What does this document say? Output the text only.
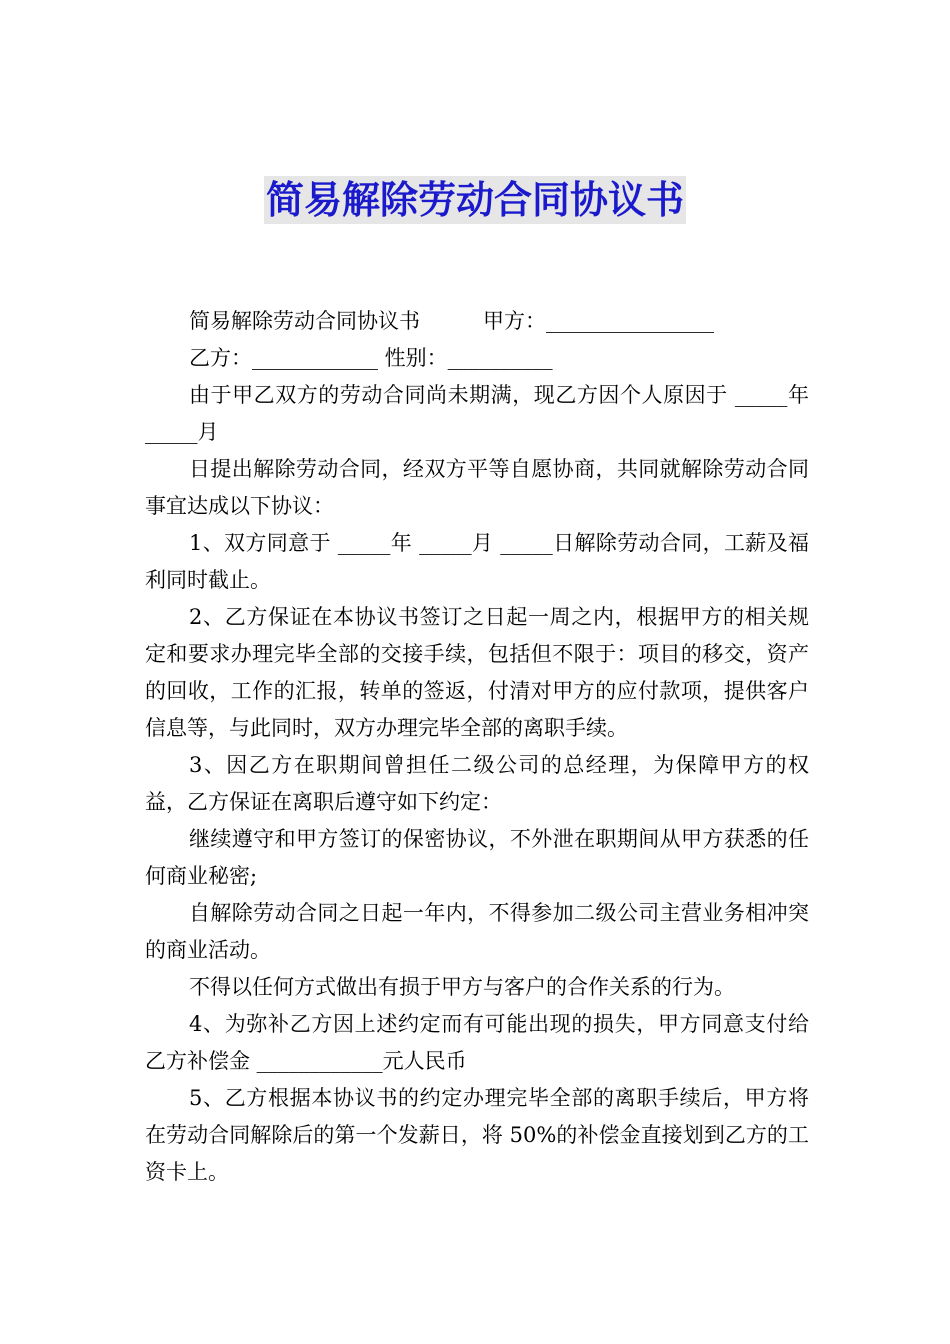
简易解除劳动合同协议书

简易解除劳动合同协议书　　　甲方：________________

乙方：____________ 性别：__________

由于甲乙双方的劳动合同尚未期满，现乙方因个人原因于 _____年 _____月

日提出解除劳动合同，经双方平等自愿协商，共同就解除劳动合同事宜达成以下协议：

1、双方同意于 _____年 _____月 _____日解除劳动合同，工薪及福利同时截止。

2、乙方保证在本协议书签订之日起一周之内，根据甲方的相关规定和要求办理完毕全部的交接手续，包括但不限于：项目的移交，资产的回收，工作的汇报，转单的签返，付清对甲方的应付款项，提供客户信息等，与此同时，双方办理完毕全部的离职手续。

3、因乙方在职期间曾担任二级公司的总经理，为保障甲方的权益，乙方保证在离职后遵守如下约定：

继续遵守和甲方签订的保密协议，不外泄在职期间从甲方获悉的任何商业秘密;

自解除劳动合同之日起一年内，不得参加二级公司主营业务相冲突的商业活动。

不得以任何方式做出有损于甲方与客户的合作关系的行为。

4、为弥补乙方因上述约定而有可能出现的损失，甲方同意支付给乙方补偿金 ____________元人民币

5、乙方根据本协议书的约定办理完毕全部的离职手续后，甲方将在劳动合同解除后的第一个发薪日，将 50%的补偿金直接划到乙方的工资卡上。
